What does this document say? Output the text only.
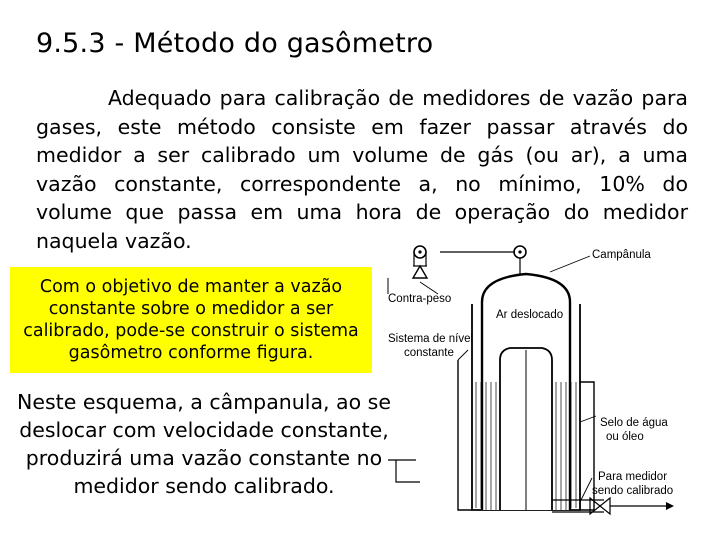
9.5.3 - Método do gasômetro

Adequado para calibração de medidores de vazão para gases, este método consiste em fazer passar através do medidor a ser calibrado um volume de gás (ou ar), a uma vazão constante, correspondente a, no mínimo, 10% do volume que passa em uma hora de operação do medidor naquela vazão.

Com o objetivo de manter a vazão constante sobre o medidor a ser calibrado, pode-se construir o sistema gasômetro conforme figura.

Neste esquema, a câmpanula, ao se deslocar com velocidade constante, produzirá uma vazão constante no medidor sendo calibrado.

Campânula
Contra-peso
Ar deslocado
Sistema de nível
constante
Selo de água
ou óleo
Para medidor
sendo calibrado
